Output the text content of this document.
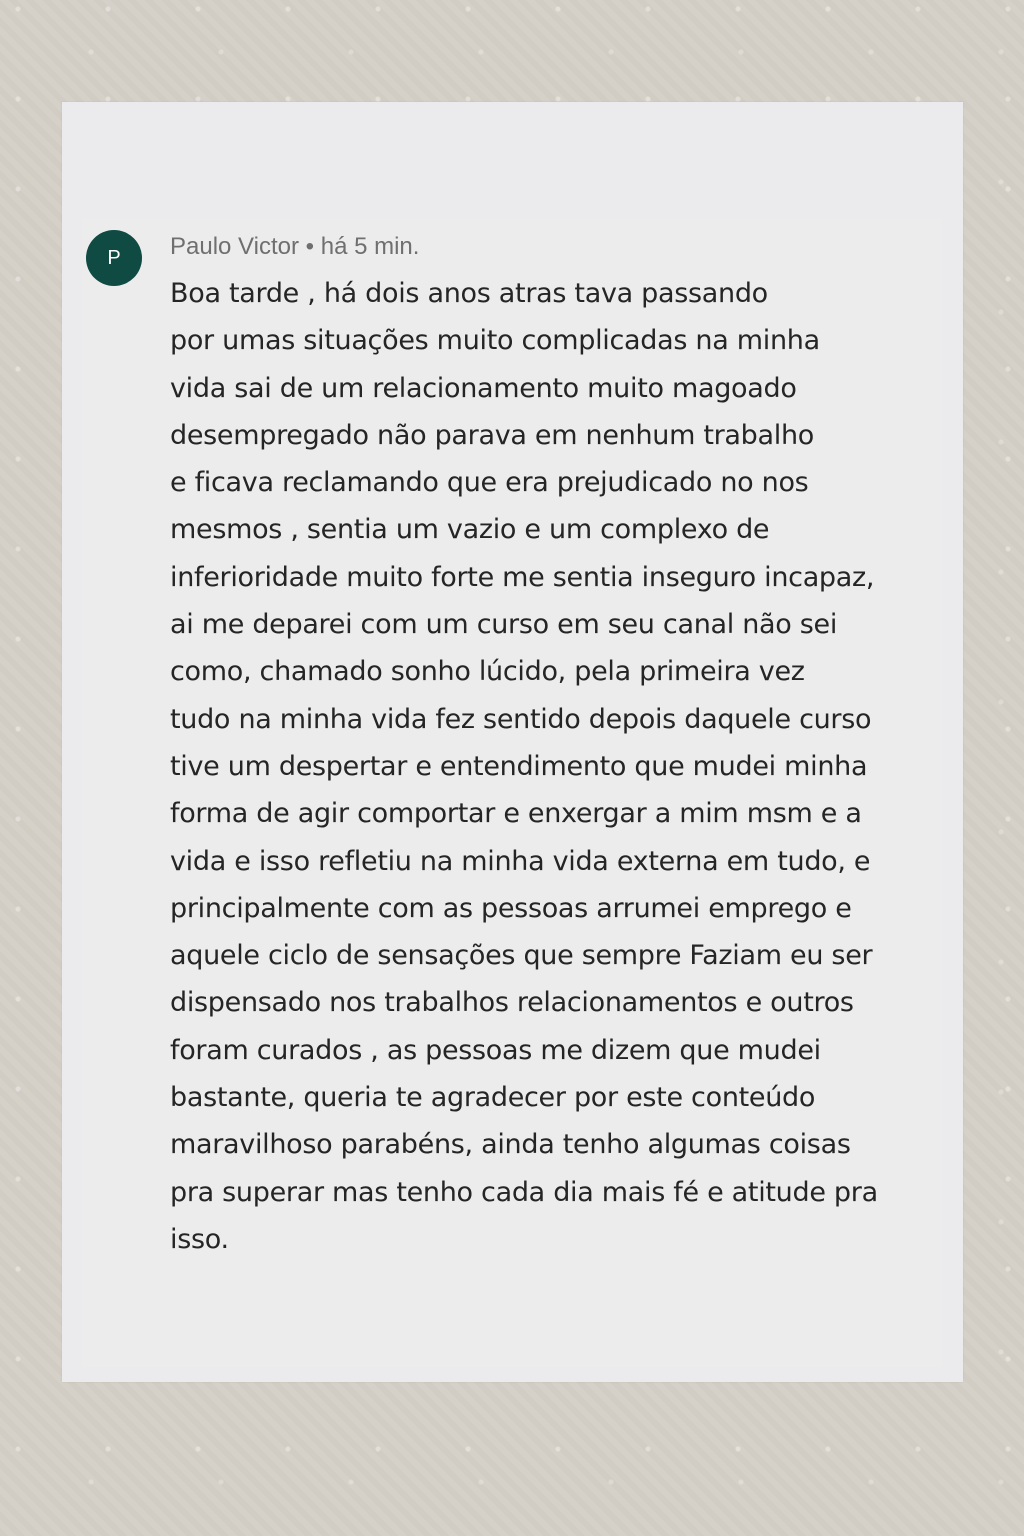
P Paulo Victor • há 5 min.
Boa tarde , há dois anos atras tava passando
por umas situações muito complicadas na minha
vida sai de um relacionamento muito magoado
desempregado não parava em nenhum trabalho
e ficava reclamando que era prejudicado no nos
mesmos , sentia um vazio e um complexo de
inferioridade muito forte me sentia inseguro incapaz,
ai me deparei com um curso em seu canal não sei
como, chamado sonho lúcido, pela primeira vez
tudo na minha vida fez sentido depois daquele curso
tive um despertar e entendimento que mudei minha
forma de agir comportar e enxergar a mim msm e a
vida e isso refletiu na minha vida externa em tudo, e
principalmente com as pessoas arrumei emprego e
aquele ciclo de sensações que sempre Faziam eu ser
dispensado nos trabalhos relacionamentos e outros
foram curados , as pessoas me dizem que mudei
bastante, queria te agradecer por este conteúdo
maravilhoso parabéns, ainda tenho algumas coisas
pra superar mas tenho cada dia mais fé e atitude pra
isso.
